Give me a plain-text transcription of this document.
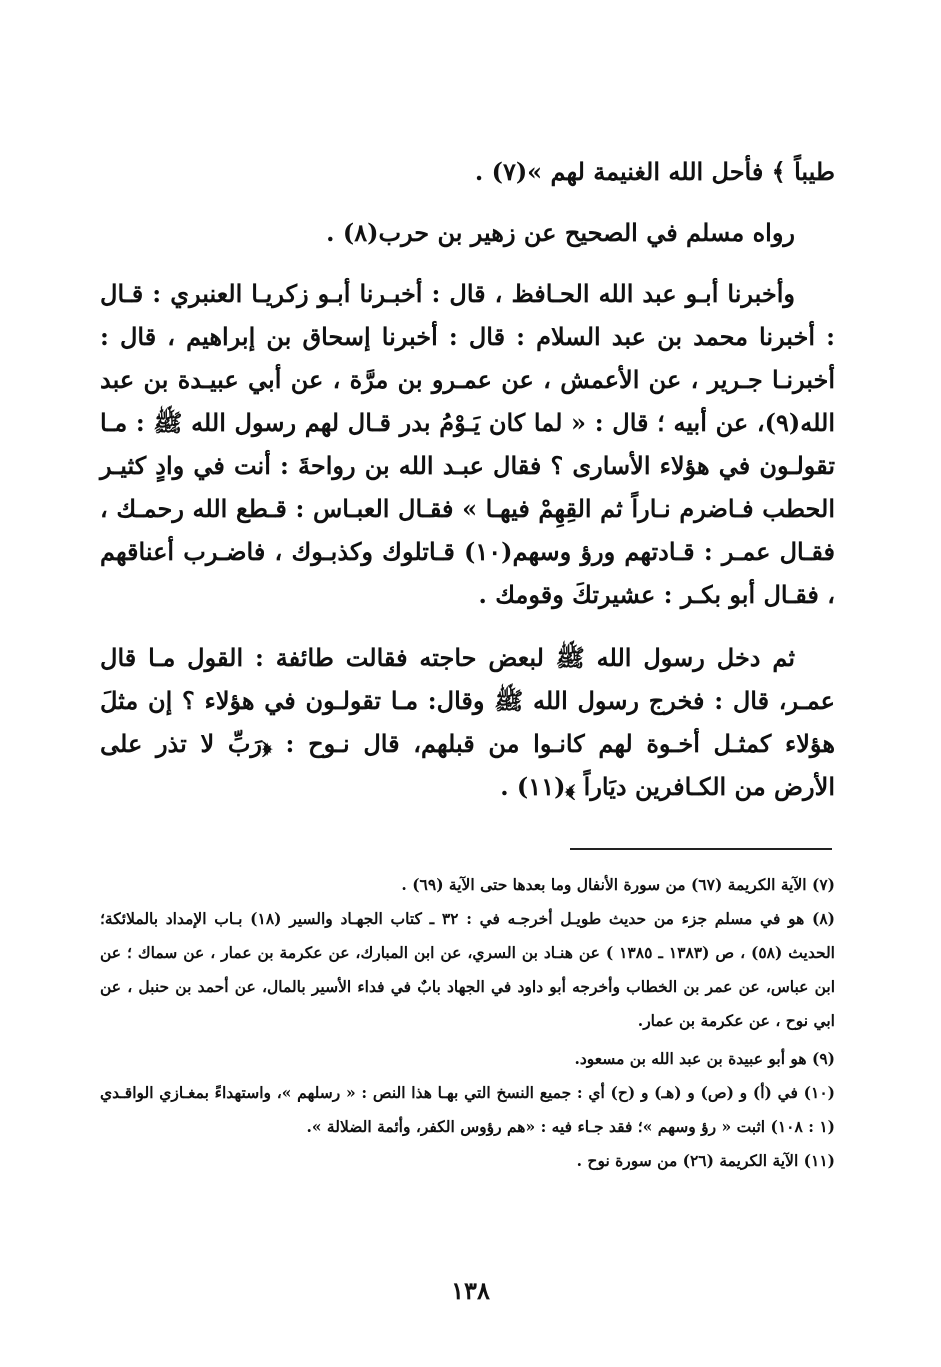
طيباً ﴾ فأحل الله الغنيمة لهم »(٧) .

رواه مسلم في الصحيح عن زهير بن حرب(٨) .

وأخبرنا أبـو عبد الله الحـافظ ، قال : أخبـرنا أبـو زكريـا العنبري : قـال : أخبرنا محمد بن عبد السلام : قال : أخبرنا إسحاق بن إبراهيم ، قال : أخبرنـا جـرير ، عن الأعمش ، عن عمـرو بن مرَّة ، عن أبي عبيـدة بن عبد الله(٩)، عن أبيه ؛ قال : « لما كان يَـوْمُ بدر قـال لهم رسول الله ﷺ : مـا تقولـون في هؤلاء الأسارى ؟ فقال عبـد الله بن رواحةَ : أنت في وادٍ كثيـر الحطب فـاضرم نـاراً ثم القِهِمْ فيهـا » فقـال العبـاس : قـطع الله رحمـك ، فقـال عمـر : قـادتهم ورؤ وسهم(١٠) قـاتلوك وكذبـوك ، فاضـرب أعناقهم ، فقـال أبو بكـر : عشيرتكَ وقومك .

ثم دخل رسول الله ﷺ لبعض حاجته فقالت طائفة : القول مـا قال عمـر، قال : فخرج رسول الله ﷺ وقال: مـا تقولـون في هؤلاء ؟ إن مثلَ هؤلاء كمثـل أخـوة لهم كانـوا من قبلهم، قال نـوح : ﴿رَبِّ لا تذر على الأرض من الكـافرين ديَاراً ﴾(١١) .

(٧) الآية الكريمة (٦٧) من سورة الأنفال وما بعدها حتى الآية (٦٩) .

(٨) هو في مسلم جزء من حديث طويـل أخرجـه في : ٣٢ ـ كتاب الجهـاد والسير (١٨) بـاب الإمداد بالملائكة؛ الحديث (٥٨) ، ص (١٣٨٣ ـ ١٣٨٥ ) عن هنـاد بن السري، عن ابن المبارك، عن عكرمة بن عمار ، عن سماك ؛ عن ابن عباس، عن عمر بن الخطاب وأخرجه أبو داود في الجهاد بابٌ في فداء الأسير بالمال، عن أحمد بن حنبل ، عن ابي نوح ، عن عكرمة بن عمار.

(٩) هو أبو عبيدة بن عبد الله بن مسعود.

(١٠) في (أ) و (ص) و (هـ) و (ح) أي : جميع النسخ التي بهـا هذا النص : « رسلهم »، واستهداءً بمغـازي الواقـدي (١ : ١٠٨) اثبت « رؤ وسهم »؛ فقد جـاء فيه : «هم رؤوس الكفر، وأئمة الضلالة ».

(١١) الآية الكريمة (٢٦) من سورة نوح .

١٣٨
